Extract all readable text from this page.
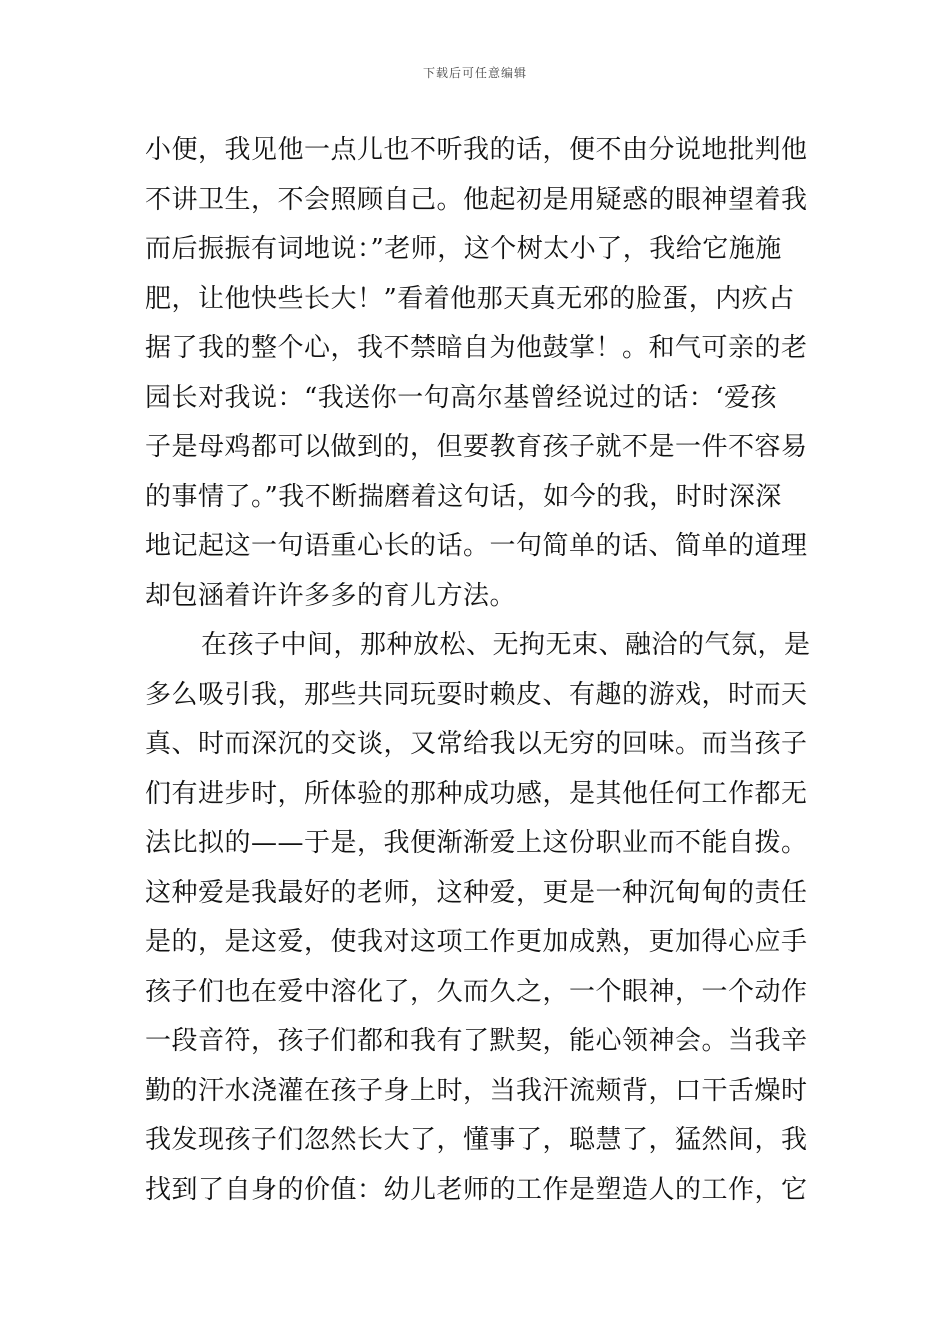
下载后可任意编辑
小便，我见他一点儿也不听我的话，便不由分说地批判他
不讲卫生，不会照顾自己。他起初是用疑惑的眼神望着我
而后振振有词地说：”老师，这个树太小了，我给它施施
肥，让他快些长大！”看着他那天真无邪的脸蛋，内疚占
据了我的整个心，我不禁暗自为他鼓掌！。和气可亲的老
园长对我说：“我送你一句高尔基曾经说过的话：‘爱孩
子是母鸡都可以做到的，但要教育孩子就不是一件不容易
的事情了。”我不断揣磨着这句话，如今的我，时时深深
地记起这一句语重心长的话。一句简单的话、简单的道理
却包涵着许许多多的育儿方法。
在孩子中间，那种放松、无拘无束、融洽的气氛，是
多么吸引我，那些共同玩耍时赖皮、有趣的游戏，时而天
真、时而深沉的交谈，又常给我以无穷的回味。而当孩子
们有进步时，所体验的那种成功感，是其他任何工作都无
法比拟的——于是，我便渐渐爱上这份职业而不能自拨。
这种爱是我最好的老师，这种爱，更是一种沉甸甸的责任
是的，是这爱，使我对这项工作更加成熟，更加得心应手
孩子们也在爱中溶化了，久而久之，一个眼神，一个动作
一段音符，孩子们都和我有了默契，能心领神会。当我辛
勤的汗水浇灌在孩子身上时，当我汗流颊背，口干舌燥时
我发现孩子们忽然长大了，懂事了，聪慧了，猛然间，我
找到了自身的价值：幼儿老师的工作是塑造人的工作，它
